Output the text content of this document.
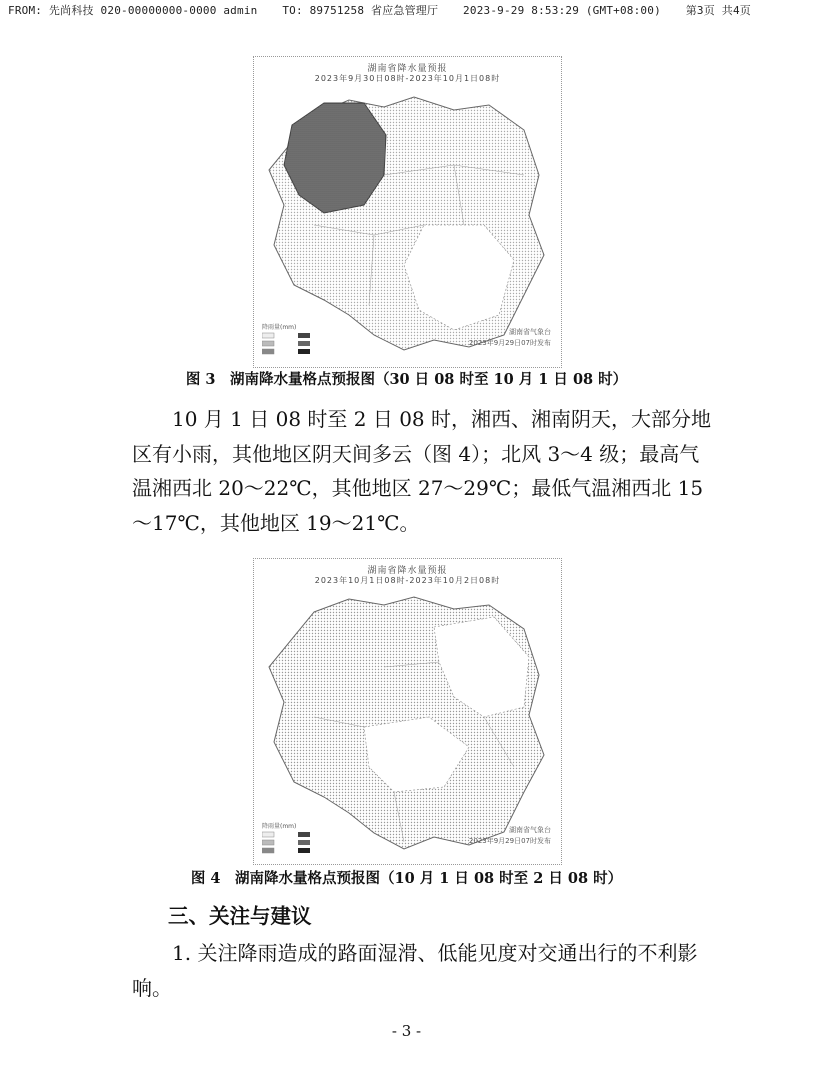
FROM: 先尚科技 020-00000000-0000 admin TO: 89751258 省应急管理厅 2023-9-29 8:53:29 (GMT+08:00) 第3页 共4页
湖南省降水量预报
2023年9月30日08时-2023年10月1日08时
降雨量(mm)
湖南省气象台
2023年9月29日07时发布
图 3　湖南降水量格点预报图（30 日 08 时至 10 月 1 日 08 时）
10 月 1 日 08 时至 2 日 08 时，湘西、湘南阴天，大部分地区有小雨，其他地区阴天间多云（图 4）；北风 3～4 级；最高气温湘西北 20～22℃，其他地区 27～29℃；最低气温湘西北 15～17℃，其他地区 19～21℃。
湖南省降水量预报
2023年10月1日08时-2023年10月2日08时
降雨量(mm)	湖南省气象台
2023年9月29日07时发布
图 4　湖南降水量格点预报图（10 月 1 日 08 时至 2 日 08 时）
三、关注与建议
1. 关注降雨造成的路面湿滑、低能见度对交通出行的不利影响。
- 3 -
